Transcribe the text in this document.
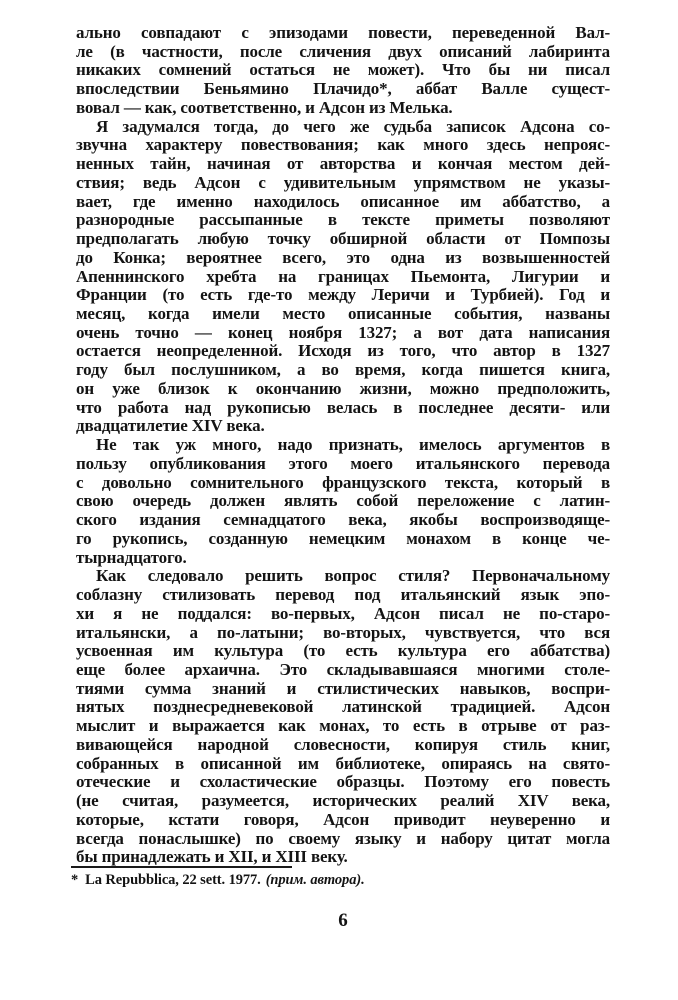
ально совпадают с эпизодами повести, переведенной Вал-
ле (в частности, после сличения двух описаний лабиринта
никаких сомнений остаться не может). Что бы ни писал
впоследствии Беньямино Плачидо*, аббат Валле сущест-
вовал — как, соответственно, и Адсон из Мелька.
Я задумался тогда, до чего же судьба записок Адсона со-
звучна характеру повествования; как много здесь непрояс-
ненных тайн, начиная от авторства и кончая местом дей-
ствия; ведь Адсон с удивительным упрямством не указы-
вает, где именно находилось описанное им аббатство, а
разнородные рассыпанные в тексте приметы позволяют
предполагать любую точку обширной области от Помпозы
до Конка; вероятнее всего, это одна из возвышенностей
Апеннинского хребта на границах Пьемонта, Лигурии и
Франции (то есть где-то между Леричи и Турбией). Год и
месяц, когда имели место описанные события, названы
очень точно — конец ноября 1327; а вот дата написания
остается неопределенной. Исходя из того, что автор в 1327
году был послушником, а во время, когда пишется книга,
он уже близок к окончанию жизни, можно предположить,
что работа над рукописью велась в последнее десяти- или
двадцатилетие XIV века.
Не так уж много, надо признать, имелось аргументов в
пользу опубликования этого моего итальянского перевода
с довольно сомнительного французского текста, который в
свою очередь должен являть собой переложение с латин-
ского издания семнадцатого века, якобы воспроизводяще-
го рукопись, созданную немецким монахом в конце че-
тырнадцатого.
Как следовало решить вопрос стиля? Первоначальному
соблазну стилизовать перевод под итальянский язык эпо-
хи я не поддался: во-первых, Адсон писал не по-старо-
итальянски, а по-латыни; во-вторых, чувствуется, что вся
усвоенная им культура (то есть культура его аббатства)
еще более архаична. Это складывавшаяся многими столе-
тиями сумма знаний и стилистических навыков, воспри-
нятых позднесредневековой латинской традицией. Адсон
мыслит и выражается как монах, то есть в отрыве от раз-
вивающейся народной словесности, копируя стиль книг,
собранных в описанной им библиотеке, опираясь на свято-
отеческие и схоластические образцы. Поэтому его повесть
(не считая, разумеется, исторических реалий XIV века,
которые, кстати говоря, Адсон приводит неуверенно и
всегда понаслышке) по своему языку и набору цитат могла
бы принадлежать и XII, и XIII веку.
* La Repubblica, 22 sett. 1977. (прим. автора).
6
